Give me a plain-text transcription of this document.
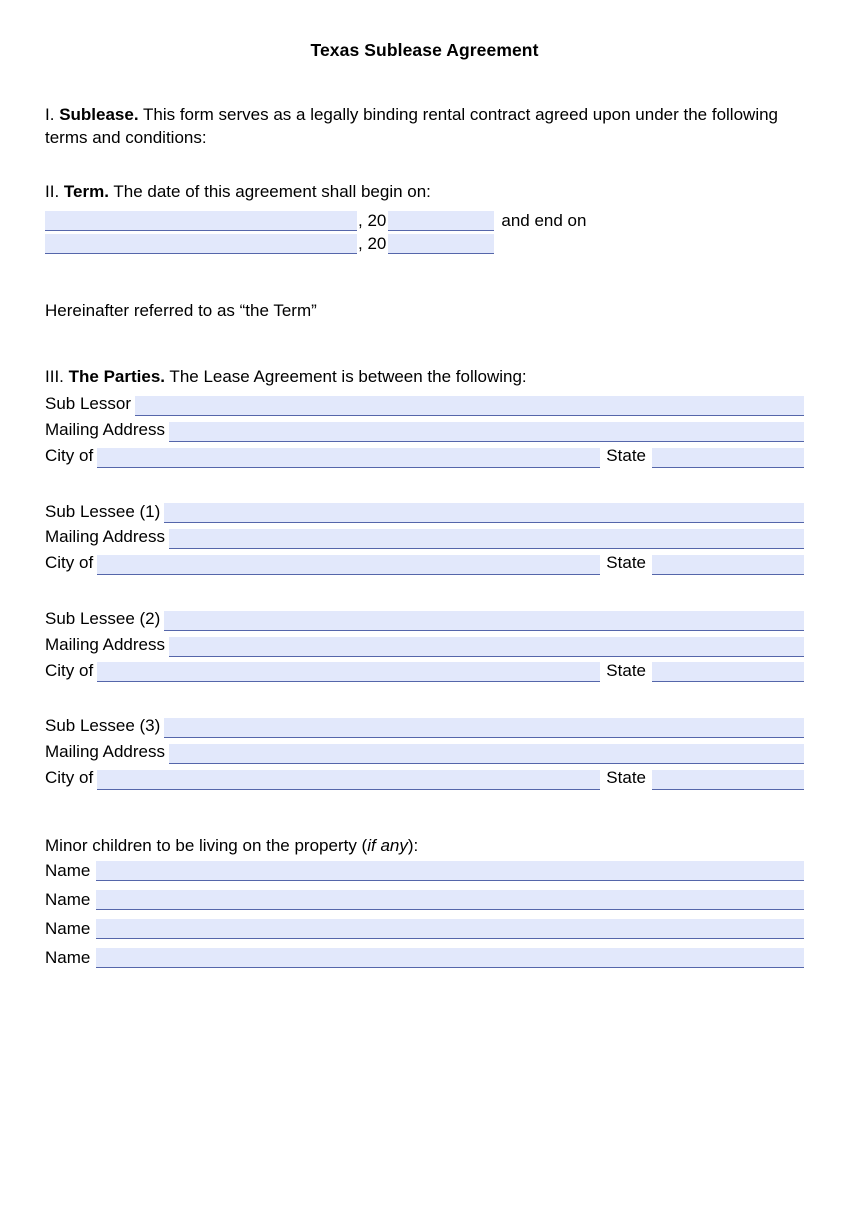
Texas Sublease Agreement

I. Sublease. This form serves as a legally binding rental contract agreed upon under the following terms and conditions:

II. Term. The date of this agreement shall begin on:

, 20	and end on
, 20

Hereinafter referred to as “the Term”

III. The Parties. The Lease Agreement is between the following:

Sub Lessor
Mailing Address
City of	State
Sub Lessee (1)
Mailing Address
City of	State
Sub Lessee (2)
Mailing Address
City of	State
Sub Lessee (3)
Mailing Address
City of	State

Minor children to be living on the property (if any):

Name
Name
Name
Name
